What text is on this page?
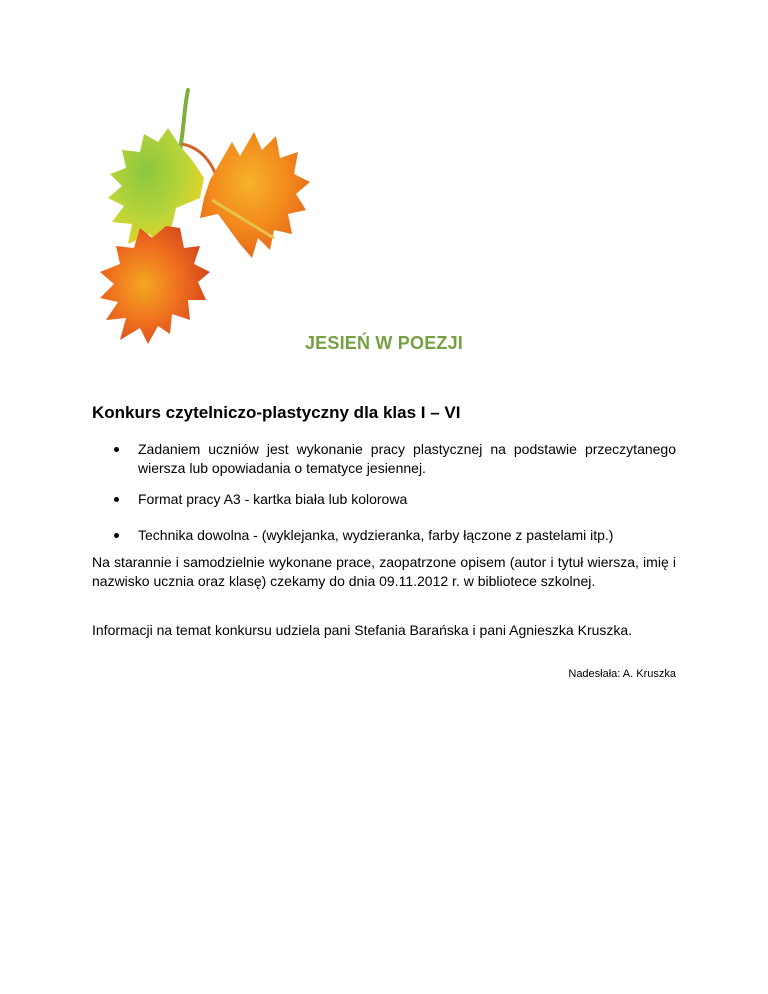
JESIEŃ W POEZJI
Konkurs czytelniczo-plastyczny dla klas I – VI
Zadaniem uczniów jest wykonanie pracy plastycznej na podstawie przeczytanego wiersza lub opowiadania o tematyce jesiennej.
Format pracy A3 - kartka biała lub kolorowa
Technika dowolna - (wyklejanka, wydzieranka, farby łączone z pastelami itp.)

Na starannie i samodzielnie wykonane prace, zaopatrzone opisem (autor i tytuł wiersza, imię i nazwisko ucznia oraz klasę) czekamy do dnia 09.11.2012 r. w bibliotece szkolnej.

Informacji na temat konkursu udziela pani Stefania Barańska i pani Agnieszka Kruszka.

Nadesłała: A. Kruszka
